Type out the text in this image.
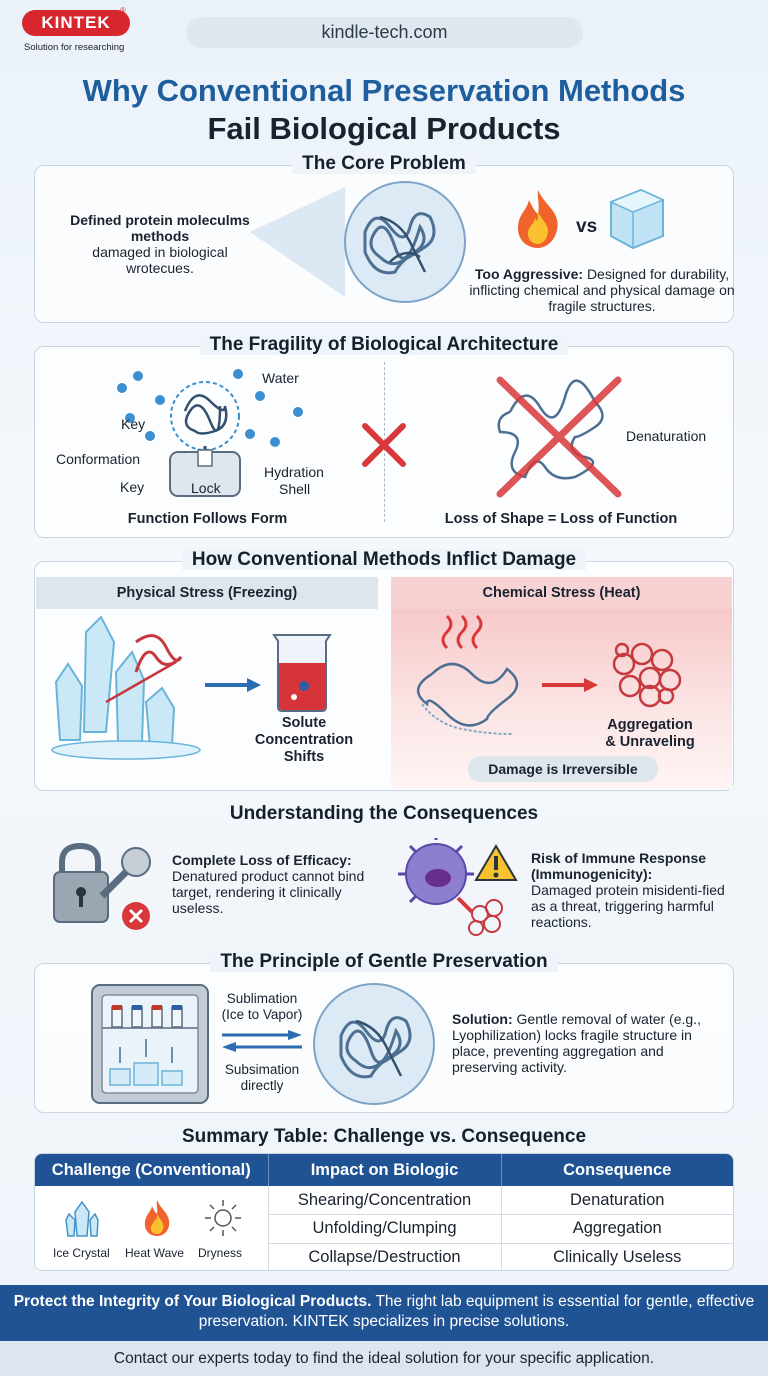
KINTEK
®
Solution for researching
kindle-tech.com
Why Conventional Preservation Methods
Fail Biological Products
The Core Problem
Defined protein moleculms methods
damaged in biological wrotecues.
vs
Too Aggressive: Designed for durability, inflicting chemical and physical damage on fragile structures.
The Fragility of Biological Architecture
Water
Key
Conformation
Key	Lock
Hydration
Shell
Function Follows Form
Denaturation
Loss of Shape = Loss of Function
How Conventional Methods Inflict Damage
Physical Stress (Freezing)	Chemical Stress (Heat)
Solute
Concentration
Shifts
Aggregation
& Unraveling
Damage is Irreversible
Understanding the Consequences
Complete Loss of Efficacy:
Denatured product cannot bind target, rendering it clinically useless.
Risk of Immune Response
(Immunogenicity):
Damaged protein misidenti-fied as a threat, triggering harmful reactions.
The Principle of Gentle Preservation
Sublimation
(Ice to Vapor)
Subsimation
directly
Solution: Gentle removal of water (e.g., Lyophilization) locks fragile structure in place, preventing aggregation and preserving activity.
Summary Table: Challenge vs. Consequence
Challenge (Conventional)	Impact on Biologic	Consequence

Ice Crystal Heat Wave Dryness	Shearing/Concentration	Denaturation
	Unfolding/Clumping	Aggregation
	Collapse/Destruction	Clinically Useless
Protect the Integrity of Your Biological Products. The right lab equipment is essential for gentle, effective preservation. KINTEK specializes in precise solutions.
Contact our experts today to find the ideal solution for your specific application.
